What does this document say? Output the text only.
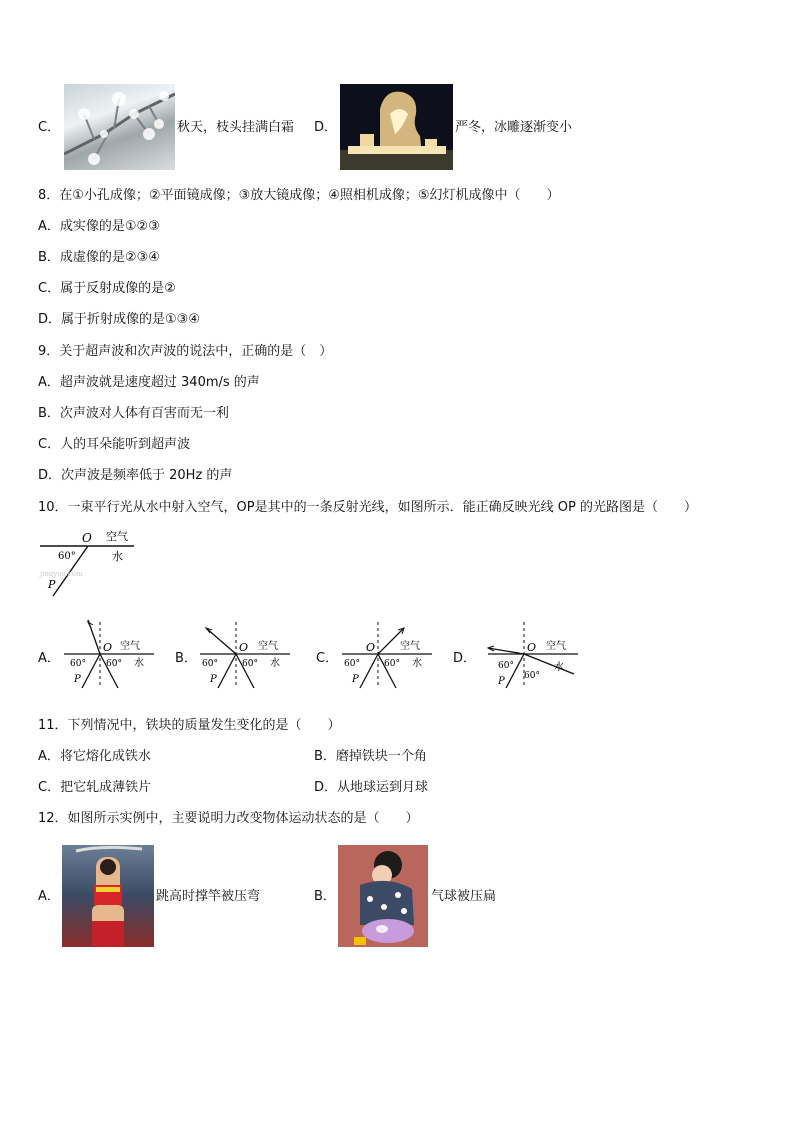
C．	秋天，枝头挂满白霜 D．	严冬，冰雕逐渐变小
8．在①小孔成像；②平面镜成像；③放大镜成像；④照相机成像；⑤幻灯机成像中（　　）
A．成实像的是①②③
B．成虚像的是②③④
C．属于反射成像的是②
D．属于折射成像的是①③④
9．关于超声波和次声波的说法中，正确的是（　）
A．超声波就是速度超过 340m/s 的声
B．次声波对人体有百害而无一利
C．人的耳朵能听到超声波
D．次声波是频率低于 20Hz 的声
10．一束平行光从水中射入空气，OP是其中的一条反射光线，如图所示．能正确反映光线 OP 的光路图是（　　）
O 空气
水
60°
P
jingyoo.com
A．
O 空气
水
60° 60°
P
B．
O 空气
水
60°	60°
P
C．
O 空气
水
60°	60°
P
D．
O 空气
水
60°
60°
P
11．下列情况中，铁块的质量发生变化的是（　　）
A．将它熔化成铁水	B．磨掉铁块一个角
C．把它轧成薄铁片	D．从地球运到月球
12．如图所示实例中，主要说明力改变物体运动状态的是（　　）
A．	跳高时撑竿被压弯	B．	气球被压扁
